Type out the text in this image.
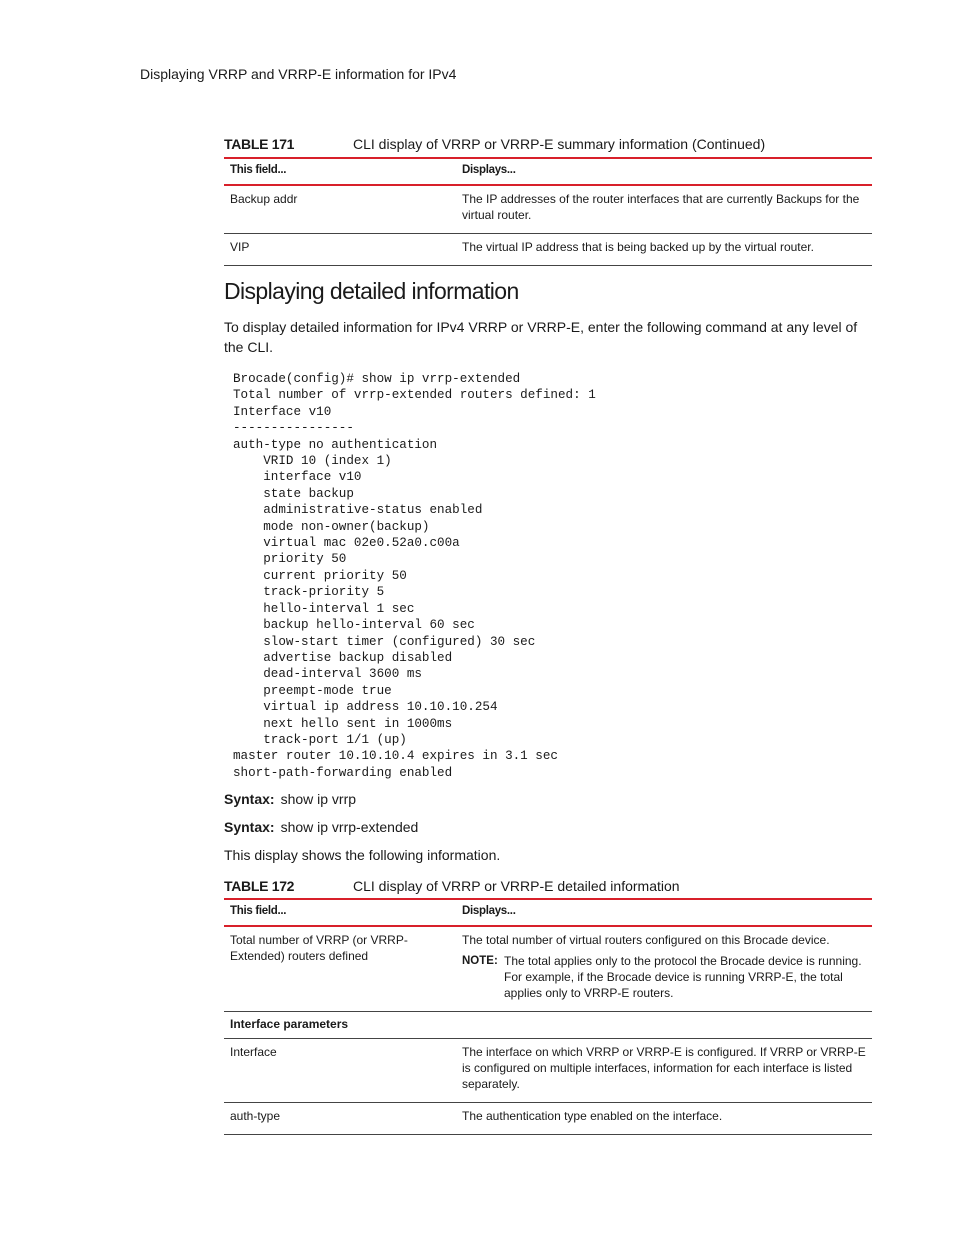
Displaying VRRP and VRRP-E information for IPv4
TABLE 171	CLI display of VRRP or VRRP-E summary information (Continued)
This field...	Displays...
Backup addr	The IP addresses of the router interfaces that are currently Backups for the virtual router.
VIP	The virtual IP address that is being backed up by the virtual router.
Displaying detailed information

To display detailed information for IPv4 VRRP or VRRP-E, enter the following command at any level of the CLI.

Brocade(config)# show ip vrrp-extended
Total number of vrrp-extended routers defined: 1
Interface v10
----------------
auth-type no authentication
VRID 10 (index 1)
interface v10
state backup
administrative-status enabled
mode non-owner(backup)
virtual mac 02e0.52a0.c00a
priority 50
current priority 50
track-priority 5
hello-interval 1 sec
backup hello-interval 60 sec
slow-start timer (configured) 30 sec
advertise backup disabled
dead-interval 3600 ms
preempt-mode true
virtual ip address 10.10.10.254
next hello sent in 1000ms
track-port 1/1 (up)
master router 10.10.10.4 expires in 3.1 sec
short-path-forwarding enabled
Syntax: show ip vrrp
Syntax: show ip vrrp-extended

This display shows the following information.

TABLE 172	CLI display of VRRP or VRRP-E detailed information
This field...	Displays...
Total number of VRRP (or VRRP-Extended) routers defined	The total number of virtual routers configured on this Brocade device.
NOTE: The total applies only to the protocol the Brocade device is running. For example, if the Brocade device is running VRRP-E, the total applies only to VRRP-E routers.

Interface parameters	
Interface	The interface on which VRRP or VRRP-E is configured. If VRRP or VRRP-E is configured on multiple interfaces, information for each interface is listed separately.
auth-type	The authentication type enabled on the interface.
